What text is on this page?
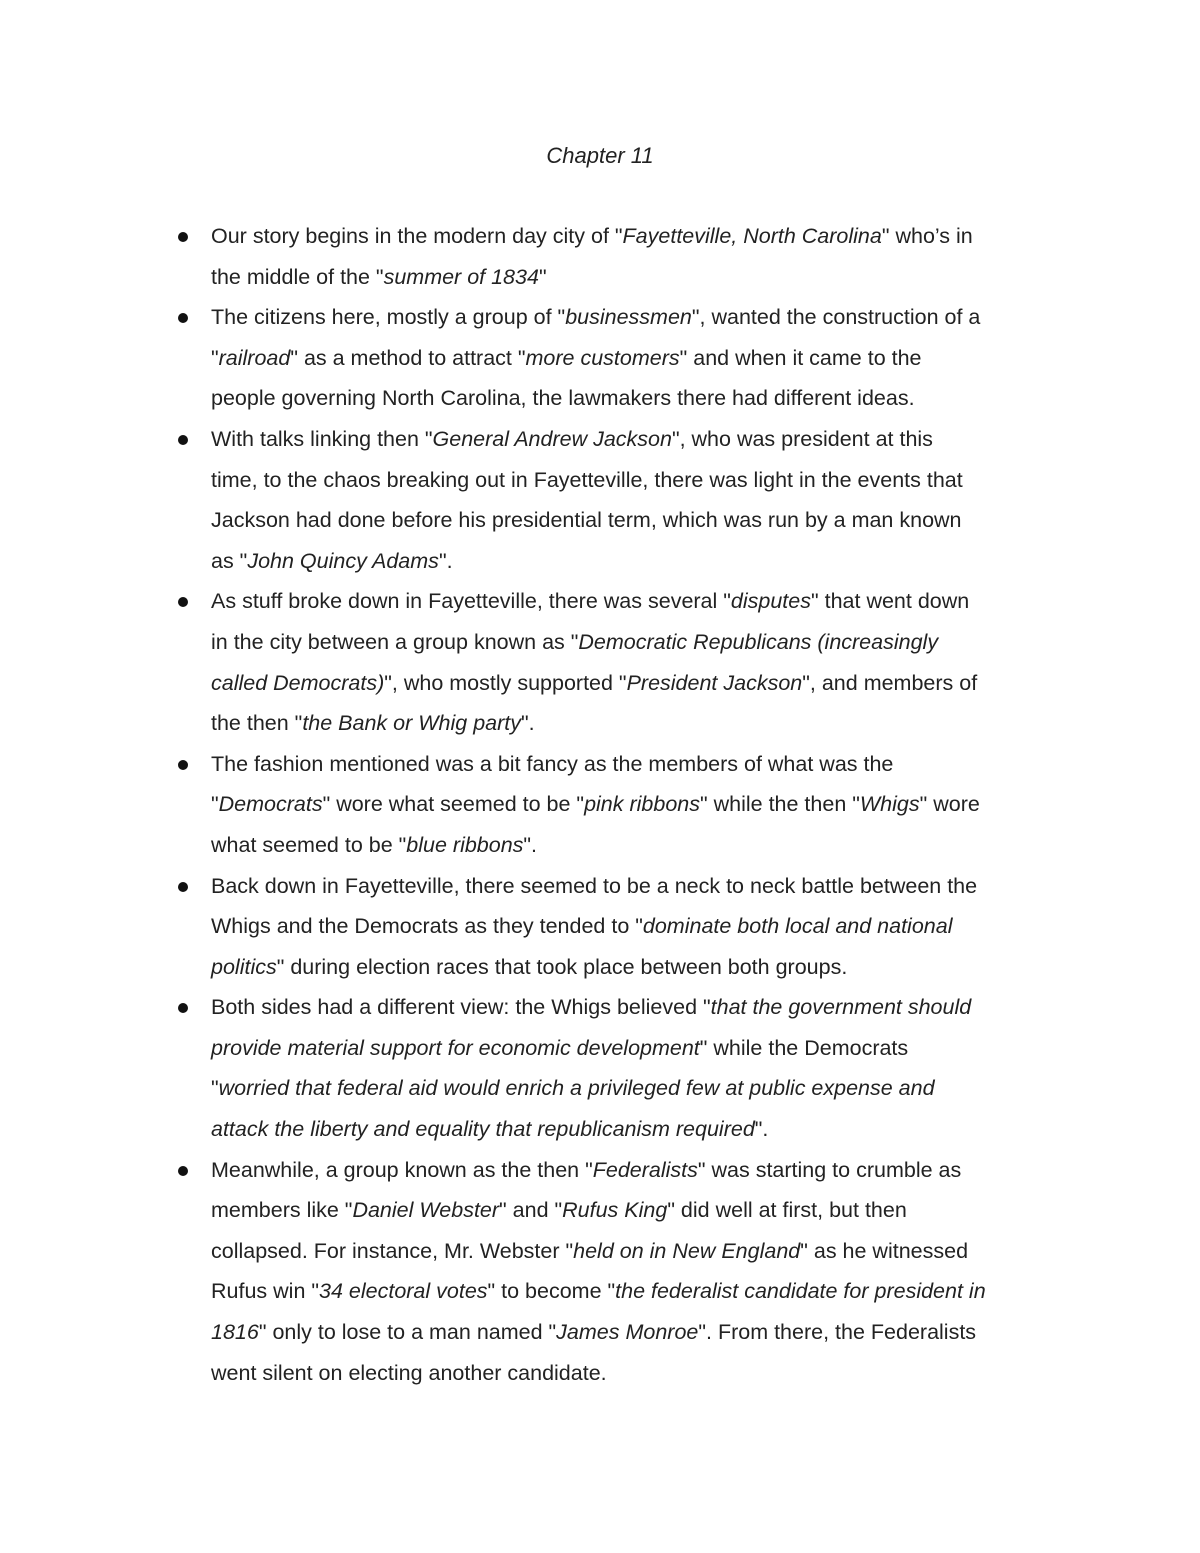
Chapter 11
Our story begins in the modern day city of "Fayetteville, North Carolina" who’s in
the middle of the "summer of 1834"
The citizens here, mostly a group of "businessmen", wanted the construction of a
"railroad" as a method to attract "more customers" and when it came to the
people governing North Carolina, the lawmakers there had different ideas.
With talks linking then "General Andrew Jackson", who was president at this
time, to the chaos breaking out in Fayetteville, there was light in the events that
Jackson had done before his presidential term, which was run by a man known
as "John Quincy Adams".
As stuff broke down in Fayetteville, there was several "disputes" that went down
in the city between a group known as "Democratic Republicans (increasingly
called Democrats)", who mostly supported "President Jackson", and members of
the then "the Bank or Whig party".
The fashion mentioned was a bit fancy as the members of what was the
"Democrats" wore what seemed to be "pink ribbons" while the then "Whigs" wore
what seemed to be "blue ribbons".
Back down in Fayetteville, there seemed to be a neck to neck battle between the
Whigs and the Democrats as they tended to "dominate both local and national
politics" during election races that took place between both groups.
Both sides had a different view: the Whigs believed "that the government should
provide material support for economic development" while the Democrats
"worried that federal aid would enrich a privileged few at public expense and
attack the liberty and equality that republicanism required".
Meanwhile, a group known as the then "Federalists" was starting to crumble as
members like "Daniel Webster" and "Rufus King" did well at first, but then
collapsed. For instance, Mr. Webster "held on in New England" as he witnessed
Rufus win "34 electoral votes" to become "the federalist candidate for president in
1816" only to lose to a man named "James Monroe". From there, the Federalists
went silent on electing another candidate.
